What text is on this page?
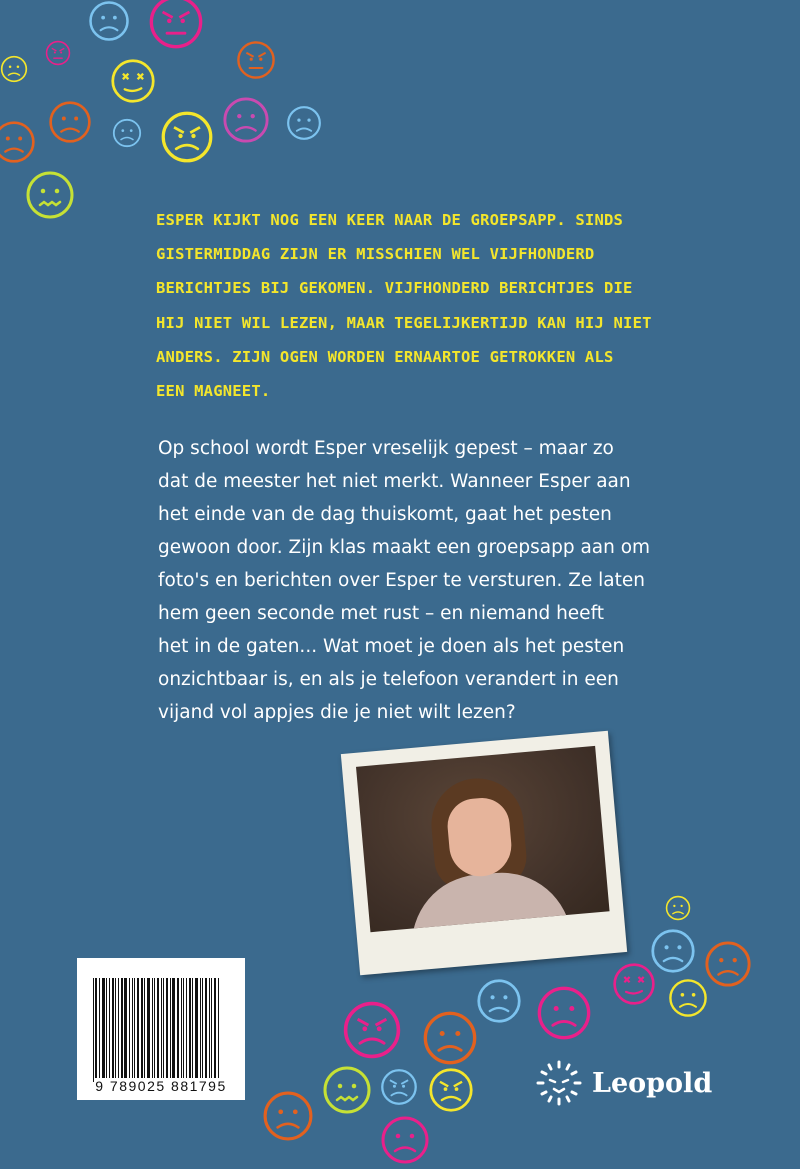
ESPER KIJKT NOG EEN KEER NAAR DE GROEPSAPP. SINDS
GISTERMIDDAG ZIJN ER MISSCHIEN WEL VIJFHONDERD
BERICHTJES BIJ GEKOMEN. VIJFHONDERD BERICHTJES DIE
HIJ NIET WIL LEZEN, MAAR TEGELIJKERTIJD KAN HIJ NIET
ANDERS. ZIJN OGEN WORDEN ERNAARTOE GETROKKEN ALS
EEN MAGNEET.
Op school wordt Esper vreselijk gepest – maar zo
dat de meester het niet merkt. Wanneer Esper aan
het einde van de dag thuiskomt, gaat het pesten
gewoon door. Zijn klas maakt een groepsapp aan om
foto's en berichten over Esper te versturen. Ze laten
hem geen seconde met rust – en niemand heeft
het in de gaten... Wat moet je doen als het pesten
onzichtbaar is, en als je telefoon verandert in een
vijand vol appjes die je niet wilt lezen?
9 789025 881795	Leopold
